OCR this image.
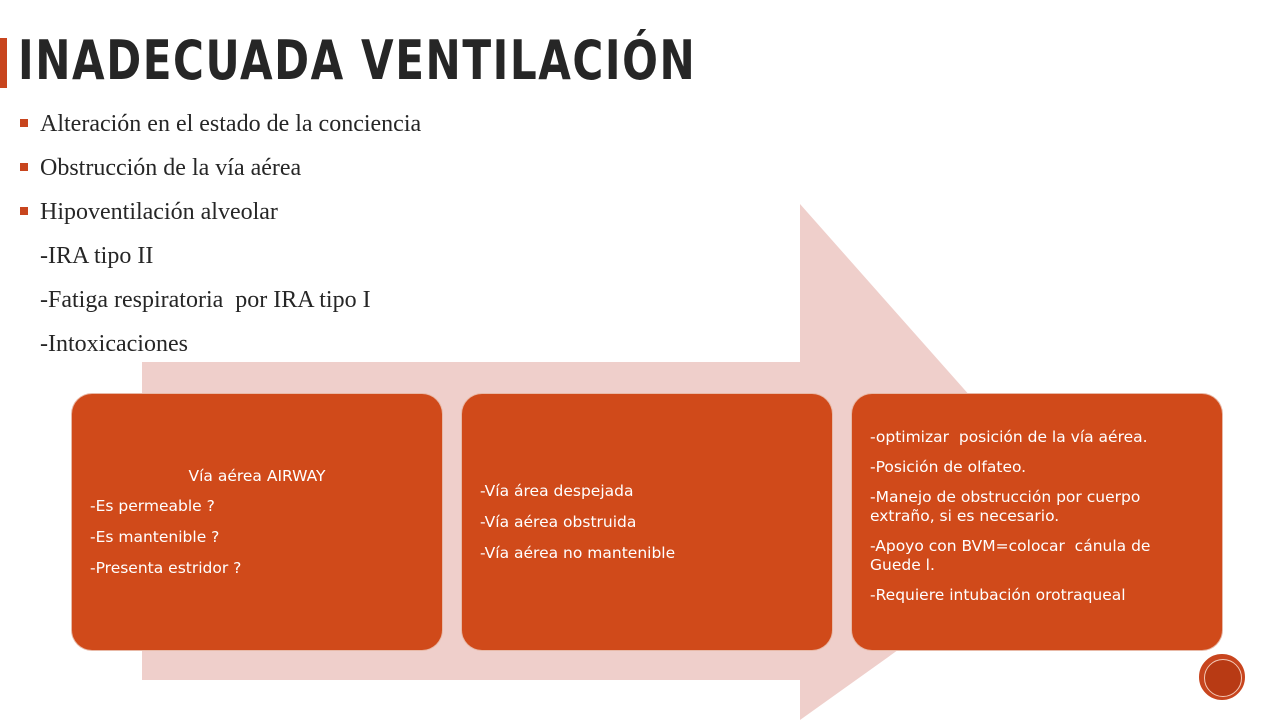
INADECUADA VENTILACIÓN
Alteración en el estado de la conciencia
Obstrucción de la vía aérea
Hipoventilación alveolar
-IRA tipo II
-Fatiga respiratoria  por IRA tipo I
-Intoxicaciones
Vía aérea AIRWAY

-Es permeable ?

-Es mantenible ?

-Presenta estridor ?

-Vía área despejada

-Vía aérea obstruida

-Vía aérea no mantenible

-optimizar  posición de la vía aérea.

-Posición de olfateo.

-Manejo de obstrucción por cuerpo extraño, si es necesario.

-Apoyo con BVM=colocar  cánula de Guede l.

-Requiere intubación orotraqueal
